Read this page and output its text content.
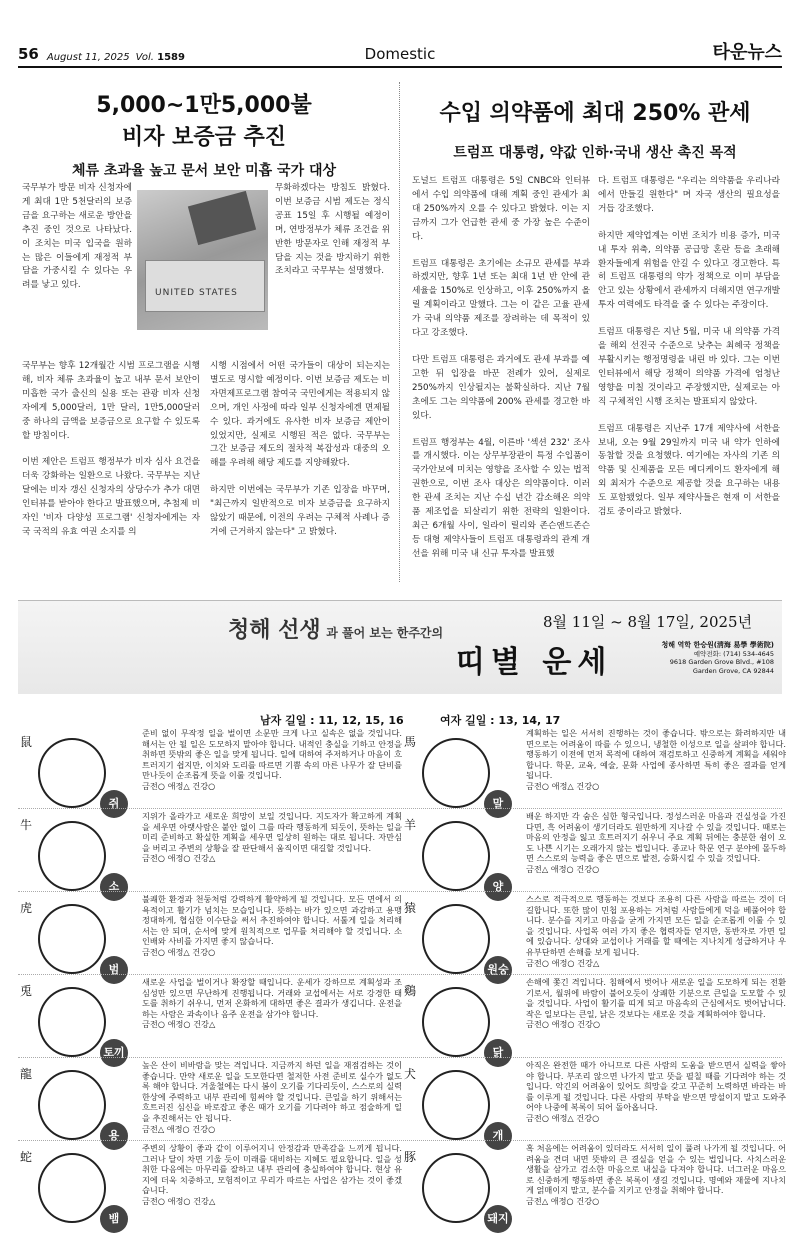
56 August 11, 2025 Vol. 1589	Domestic	타운뉴스
5,000~1만5,000불
비자 보증금 추진
체류 초과율 높고 문서 보안 미흡 국가 대상
국무부가 방문 비자 신청자에게 최대 1만 5천달러의 보증금을 요구하는 새로운 방안을 추진 중인 것으로 나타났다. 이 조치는 미국 입국을 원하는 많은 이들에게 재정적 부담을 가중시킬 수 있다는 우려를 낳고 있다.
UNITED STATES
무화하겠다는 방침도 밝혔다. 이번 보증금 시범 제도는 정식 공표 15일 후 시행될 예정이며, 연방정부가 체류 조건을 위반한 방문자로 인해 재정적 부담을 지는 것을 방지하기 위한 조치라고 국무부는 설명했다.

국무부는 향후 12개월간 시범 프로그램을 시행해, 비자 체류 초과율이 높고 내부 문서 보안이 미흡한 국가 출신의 실용 또는 관광 비자 신청자에게 5,000달러, 1만 달러, 1만5,000달러 중 하나의 금액을 보증금으로 요구할 수 있도록 할 방침이다.

이번 제안은 트럼프 행정부가 비자 심사 요건을 더욱 강화하는 일환으로 나왔다. 국무부는 지난달에는 비자 갱신 신청자의 상당수가 추가 대면 인터뷰를 받아야 한다고 발표했으며, 추첨제 비자인 '비자 다양성 프로그램' 신청자에게는 자국 국적의 유효 여권 소지를 의

시행 시점에서 어떤 국가들이 대상이 되는지는 별도로 명시할 예정이다. 이번 보증금 제도는 비자면제프로그램 참여국 국민에게는 적용되지 않으며, 개인 사정에 따라 일부 신청자에겐 면제될 수 있다. 과거에도 유사한 비자 보증금 제안이 있었지만, 실제로 시행된 적은 없다. 국무부는 그간 보증금 제도의 절차적 복잡성과 대중의 오해를 우려해 해당 제도를 지양해왔다.

하지만 이번에는 국무부가 기존 입장을 바꾸며, "최근까지 일반적으로 비자 보증금을 요구하지 않았기 때문에, 이전의 우려는 구체적 사례나 증거에 근거하지 않는다" 고 밝혔다.

수입 의약품에 최대 250% 관세
트럼프 대통령, 약값 인하·국내 생산 촉진 목적

도널드 트럼프 대통령은 5일 CNBC와 인터뷰에서 수입 의약품에 대해 계획 중인 관세가 최대 250%까지 오를 수 있다고 밝혔다. 이는 지금까지 그가 언급한 관세 중 가장 높은 수준이다.

트럼프 대통령은 초기에는 소규모 관세를 부과하겠지만, 향후 1년 또는 최대 1년 반 안에 관세율을 150%로 인상하고, 이후 250%까지 올릴 계획이라고 말했다. 그는 이 같은 고율 관세가 국내 의약품 제조를 장려하는 데 목적이 있다고 강조했다.

다만 트럼프 대통령은 과거에도 관세 부과를 예고한 뒤 입장을 바꾼 전례가 있어, 실제로 250%까지 인상될지는 불확실하다. 지난 7월 초에도 그는 의약품에 200% 관세를 경고한 바 있다.

트럼프 행정부는 4월, 이른바 '섹션 232' 조사를 개시했다. 이는 상무부장관이 특정 수입품이 국가안보에 미치는 영향을 조사할 수 있는 법적 권한으로, 이번 조사 대상은 의약품이다. 이러한 관세 조치는 지난 수십 년간 감소해온 의약품 제조업을 되살리기 위한 전략의 일환이다. 최근 6개월 사이, 일라이 릴리와 존슨앤드존슨 등 대형 제약사들이 트럼프 대통령과의 관계 개선을 위해 미국 내 신규 투자를 발표했

다. 트럼프 대통령은 "우리는 의약품을 우리나라에서 만들길 원한다" 며 자국 생산의 필요성을 거듭 강조했다.

하지만 제약업계는 이번 조치가 비용 증가, 미국 내 투자 위축, 의약품 공급망 혼란 등을 초래해 환자들에게 위험을 안길 수 있다고 경고한다. 특히 트럼프 대통령의 약가 정책으로 이미 부담을 안고 있는 상황에서 관세까지 더해지면 연구개발 투자 여력에도 타격을 줄 수 있다는 주장이다.

트럼프 대통령은 지난 5월, 미국 내 의약품 가격을 해외 선진국 수준으로 낮추는 최혜국 정책을 부활시키는 행정명령을 내린 바 있다. 그는 이번 인터뷰에서 해당 정책이 의약품 가격에 엄청난 영향을 미칠 것이라고 주장했지만, 실제로는 아직 구체적인 시행 조치는 발표되지 않았다.

트럼프 대통령은 지난주 17개 제약사에 서한을 보내, 오는 9월 29일까지 미국 내 약가 인하에 동참할 것을 요청했다. 여기에는 자사의 기존 의약품 및 신제품을 모든 메디케이드 환자에게 해외 최저가 수준으로 제공할 것을 요구하는 내용도 포함됐었다. 일부 제약사들은 현재 이 서한을 검토 중이라고 밝혔다.

청해 선생 과 풀어 보는 한주간의
8월 11일 ~ 8월 17일, 2025년
띠별 운세	청해 역학 한승원(淸海 易學 學術院)
예약전화: (714) 534-4645
9618 Garden Grove Blvd., #108
Garden Grove, CA 92844
남자 길일 : 11, 12, 15, 16	여자 길일 : 13, 14, 17
鼠
쥐
준비 없이 무작정 일을 벌이면 소문만 크게 나고 실속은 없을 것입니다. 해서는 안 될 일은 도모하지 말아야 합니다. 내적인 충실을 기하고 안정을 취하면 뜻밖의 좋은 일을 맞게 됩니다. 일에 대하여 주저하거나 마음이 흐트러지기 쉽지만, 이치와 도리를 따르면 기쁨 속의 마른 나무가 잘 단비를 만나듯이 순조롭게 뜻을 이룰 것입니다.
금전○ 애정△ 건강○
馬
말
계획하는 일은 서서히 진행하는 것이 좋습니다. 밖으로는 화려하지만 내면으로는 어려움이 따를 수 있으니, 냉철한 이성으로 일을 살펴야 합니다. 행동하기 이전에 먼저 목적에 대하여 재검토하고 신중하게 계획을 세워야 합니다. 학문, 교육, 예술, 문화 사업에 종사하면 특히 좋은 결과를 얻게 됩니다.
금전○ 애정△ 건강○
牛
소
지위가 올라가고 새로운 희망이 보일 것입니다. 지도자가 확고하게 계획을 세우면 아랫사람은 붙안 없이 그를 따라 행동하게 되듯이, 뜻하는 일을 미리 준비하고 확실한 계획을 세우면 일상히 원하는 대로 됩니다. 자만심을 버리고 주변의 상황을 잘 판단해서 움직이면 대길할 것입니다.
금전○ 애정○ 건강△
羊
양
배운 하지만 각 숨은 심한 형국입니다. 정성스러운 마음과 건실성을 가진다면, 흑 어려움이 생기더라도 원만하게 지나갈 수 있을 것입니다. 때로는 마음의 안정을 잃고 흐트러지기 쉬우니 주요 계획 뒤에는 충분한 쉼이 오도 나쁜 시기는 오래가지 않는 법입니다. 종교나 학문 연구 분야에 몰두하면 스스로의 능력을 좋은 면으로 발전, 승화시킬 수 있을 것입니다.
금전△ 애정○ 건강○
虎
범
불쾌한 환경과 천둥처럼 강력하게 활약하게 될 것입니다. 모든 면에서 의욕적이고 활기가 넘치는 모습입니다. 뜻하는 바가 있으면 과감하고 용맹정대하게, 협심한 이수단을 써서 추진하여야 합니다. 서툴게 일을 처리해서는 안 되며, 순서에 맞게 원칙적으로 업무를 처리해야 할 것입니다. 소인배와 사비를 가지면 좋지 않습니다.
금전○ 애정△ 건강○
猿
원숭이
스스로 적극적으로 행동하는 것보다 조용히 다른 사람을 따르는 것이 더 길합니다. 또한 많이 민첩 포용하는 거처럼 사람들에게 덕을 베풀어야 합니다. 분수를 지키고 마음을 굳게 가지면 모든 일을 순조롭게 이룰 수 있을 것입니다. 사업목 여러 가지 좋은 협력자들 얻지만, 동반자로 가면 일에 있습니다. 상대와 교섭이나 거래를 할 때에는 지나치게 성급하거나 우유부단하면 손해를 보게 됩니다.
금전○ 애정○ 건강△
兎
토끼
새로운 사업을 벌이거나 확장할 때입니다. 운세가 강하므로 계획성과 조심성만 있으면 무난하게 진행됩니다. 거래와 교섭에서는 서로 강경한 태도를 취하기 쉬우니, 먼저 온화하게 대하면 좋은 결과가 생깁니다. 운전을 하는 사람은 과속이나 음주 운전을 삼가야 합니다.
금전○ 애정○ 건강△
鷄
닭
손해에 쫓긴 격입니다. 침해에서 벗어나 새로운 일을 도모하게 되는 전환기로서, 월위에 바람이 불어오듯이 상쾌한 기분으로 큰일을 도모할 수 있을 것입니다. 사업이 활기를 띠게 되고 마음속의 근심에서도 벗어납니다. 작은 일보다는 큰일, 낡은 것보다는 새로운 것을 계획하여야 합니다.
금전○ 애정○ 건강○
龍
용
높은 산이 비바람을 맞는 격입니다. 지금까지 하던 일을 재점검하는 것이 좋습니다. 만약 새로운 일을 도모한다면 철저한 사전 준비로 실수가 없도록 해야 합니다. 겨울철에는 다시 봄이 오기를 기다리듯이, 스스로의 실력 한상에 주력하고 내부 관리에 힘써야 할 것입니다. 큰일을 하기 위해서는 흐트러진 심신을 바로잡고 좋은 때가 오기를 기다려야 하고 점술하게 일을 추진해서는 안 됩니다.
금전△ 애정○ 건강○
犬
개
아직은 완전한 때가 아니므로 다른 사람의 도움을 받으면서 실력을 쌓아야 합니다. 부조리 않으면 나가지 말고 뜻을 펼칠 때를 기다려야 하는 것입니다. 악긴의 어려움이 있어도 희망을 갖고 꾸준히 노력하면 바라는 바를 이루게 될 것입니다. 다른 사람의 부탁을 받으면 망설이지 말고 도와주어야 나중에 복록이 되어 돌아옵니다.
금전○ 애정△ 건강○
蛇
뱀
주변의 상황이 좋과 같이 이루어지니 안정감과 만족감을 느끼게 됩니다. 그러나 달이 차면 기울 듯이 미래를 대비하는 지혜도 필요합니다. 일을 성취한 다음에는 마무리를 잘하고 내부 관리에 충실하여야 합니다. 현상 유지에 더욱 치중하고, 모험적이고 무리가 따르는 사업은 삼가는 것이 좋겠습니다.
금전○ 애정○ 건강△
豚
돼지
혹 처음에는 어려움이 있더라도 서서히 일이 풀려 나가게 될 것입니다. 어려움을 견뎌 내면 뜻밖의 큰 결실을 얻을 수 있는 법입니다. 사치스러운 생활을 삼가고 검소한 마음으로 내실을 다져야 합니다. 너그러운 마음으로 신중하게 행동하면 좋은 복록이 생길 것입니다. 명예와 재물에 지나치게 얽매이지 말고, 분수를 지키고 안정을 취해야 합니다.
금전△ 애정○ 건강○
